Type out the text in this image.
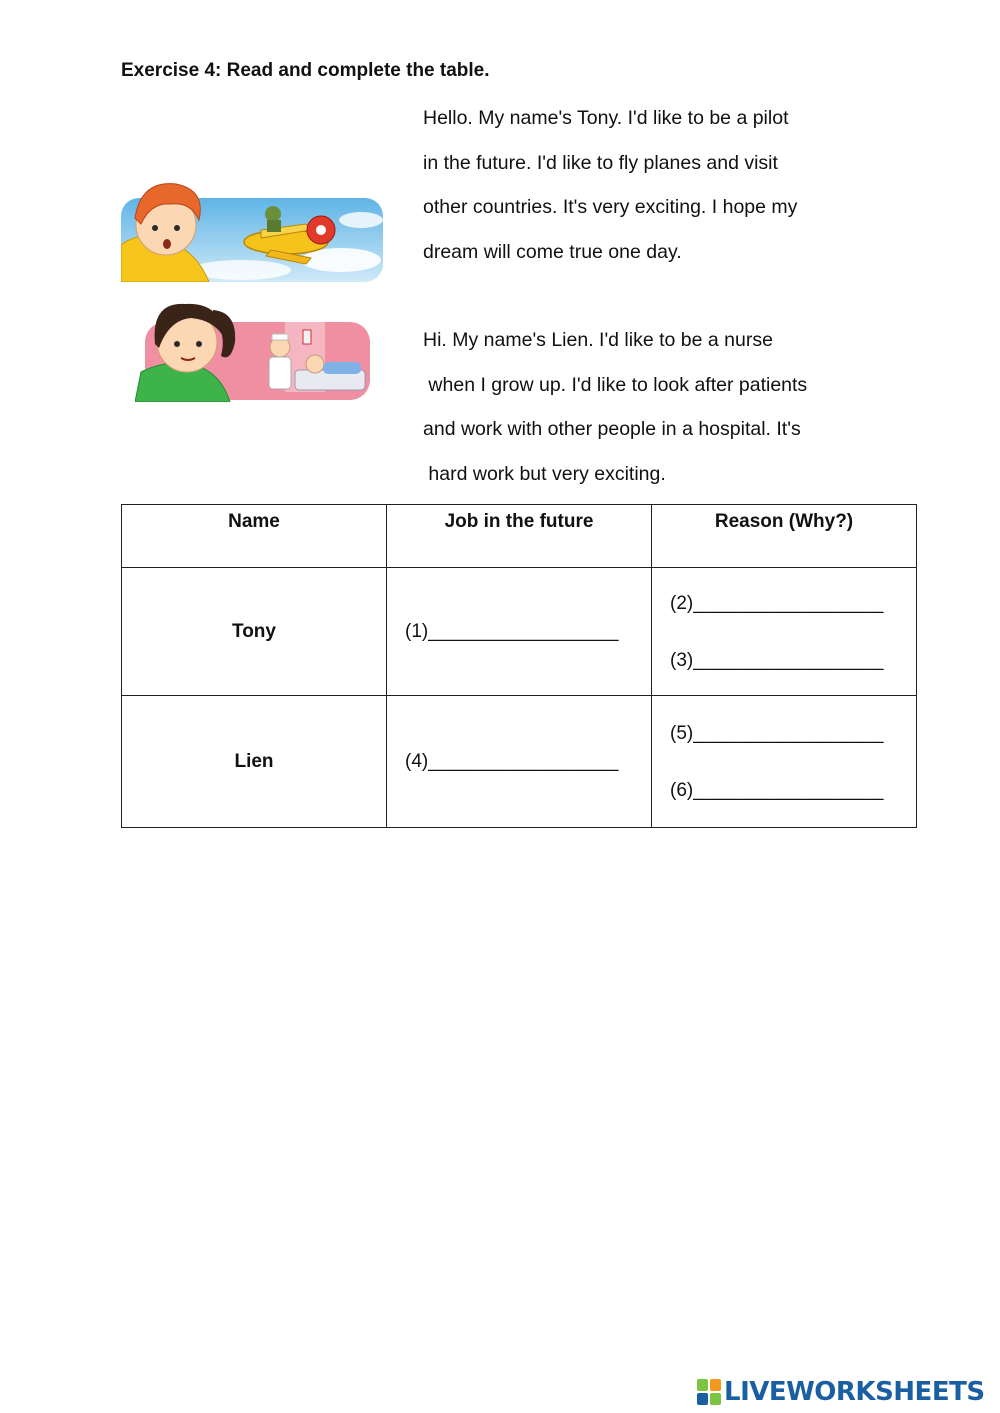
Exercise 4: Read and complete the table.

Hello. My name's Tony. I'd like to be a pilot

in the future. I'd like to fly planes and visit

other countries. It's very exciting. I hope my

dream will come true one day.

Hi. My name's Lien. I'd like to be a nurse

when I grow up. I'd like to look after patients

and work with other people in a hospital. It's

hard work but very exciting.

Name	Job in the future	Reason (Why?)
Tony	(1)__________________	(2)__________________
(3)__________________

Lien	(4)__________________	(5)__________________
(6)__________________
LIVEWORKSHEETS
